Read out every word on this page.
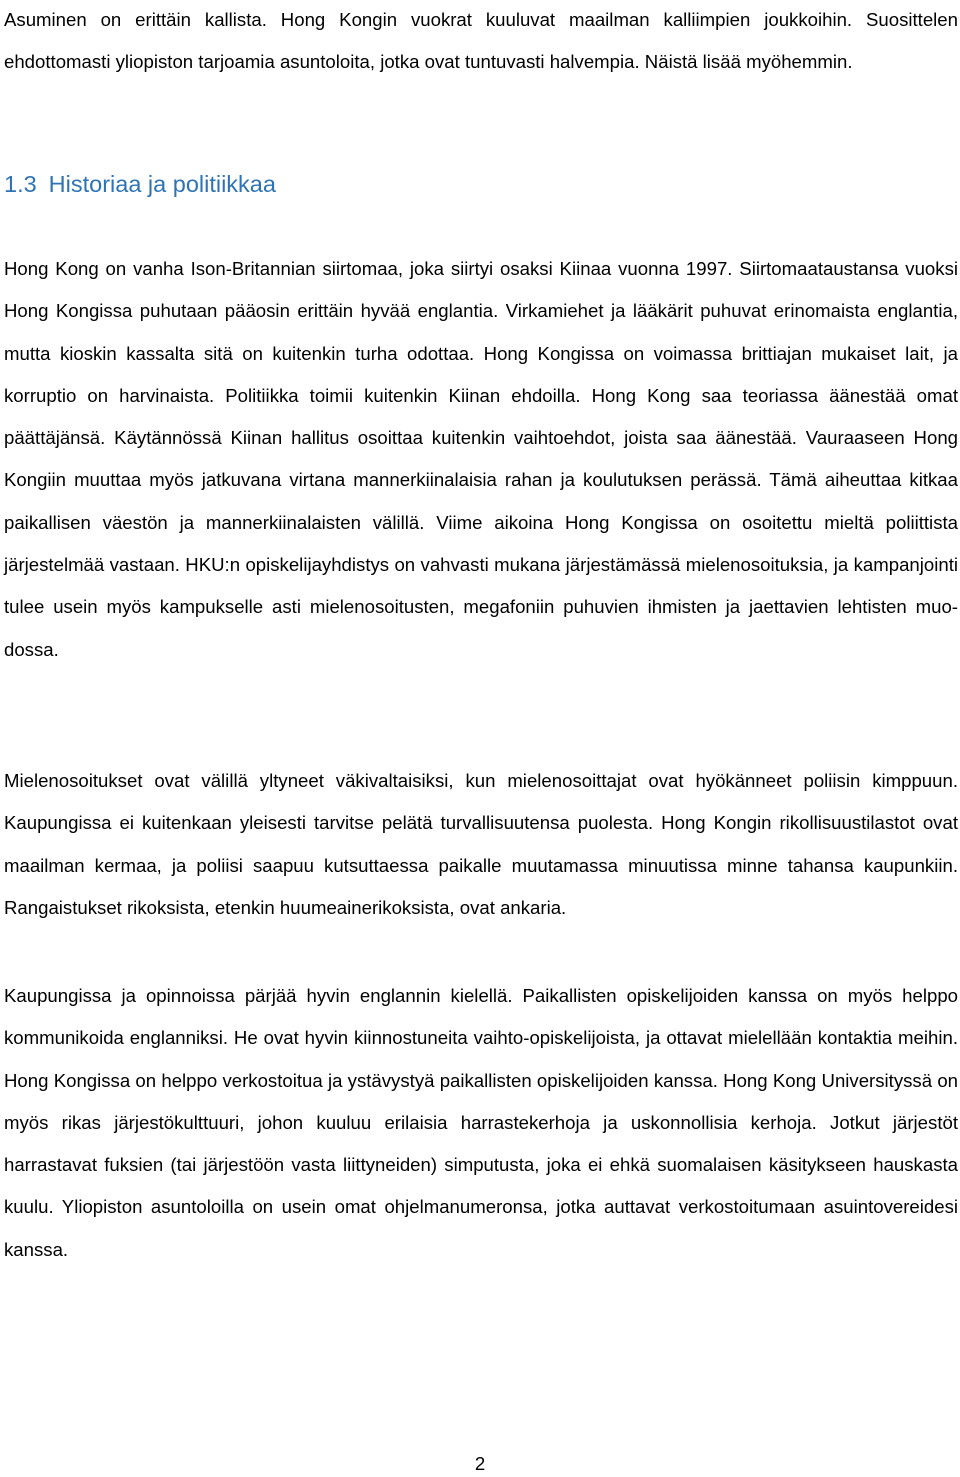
Asuminen on erittäin kallista. Hong Kongin vuokrat kuuluvat maailman kalliimpien joukkoihin. Suosittelen ehdottomasti yliopiston tarjoamia asuntoloita, jotka ovat tuntuvasti halvempia. Näistä lisää myöhemmin.

1.3 Historiaa ja politiikkaa

Hong Kong on vanha Ison-Britannian siirtomaa, joka siirtyi osaksi Kiinaa vuonna 1997. Siirtomaataustansa vuoksi Hong Kongissa puhutaan pääosin erittäin hyvää englantia. Virkamiehet ja lääkärit puhuvat erinomaista englantia, mutta kioskin kassalta sitä on kuitenkin turha odottaa. Hong Kongissa on voimassa brittiajan mukaiset lait, ja korruptio on harvinaista. Politiikka toimii kuitenkin Kiinan ehdoilla. Hong Kong saa teoriassa äänestää omat päättäjänsä. Käytännössä Kiinan hallitus osoittaa kuitenkin vaihtoehdot, joista saa äänestää. Vauraaseen Hong Kongiin muuttaa myös jatkuvana virtana mannerkiinalaisia rahan ja koulutuksen perässä. Tämä aiheuttaa kitkaa paikallisen väestön ja mannerkiinalaisten välillä. Viime aikoina Hong Kongissa on osoitettu mieltä poliittista järjestelmää vastaan. HKU:n opiskelijayhdistys on vahvasti mukana järjestämässä mielenosoituksia, ja kampanjointi tulee usein myös kampukselle asti mielenosoitusten, megafoniin puhuvien ihmisten ja jaettavien lehtisten muodossa.

Mielenosoitukset ovat välillä yltyneet väkivaltaisiksi, kun mielenosoittajat ovat hyökänneet poliisin kimppuun. Kaupungissa ei kuitenkaan yleisesti tarvitse pelätä turvallisuutensa puolesta. Hong Kongin rikollisuustilastot ovat maailman kermaa, ja poliisi saapuu kutsuttaessa paikalle muutamassa minuutissa minne tahansa kaupunkiin. Rangaistukset rikoksista, etenkin huumeainerikoksista, ovat ankaria.

Kaupungissa ja opinnoissa pärjää hyvin englannin kielellä. Paikallisten opiskelijoiden kanssa on myös helppo kommunikoida englanniksi. He ovat hyvin kiinnostuneita vaihto-opiskelijoista, ja ottavat mielellään kontaktia meihin. Hong Kongissa on helppo verkostoitua ja ystävystyä paikallisten opiskelijoiden kanssa. Hong Kong Universityssä on myös rikas järjestökulttuuri, johon kuuluu erilaisia harrastekerhoja ja uskonnollisia kerhoja. Jotkut järjestöt harrastavat fuksien (tai järjestöön vasta liittyneiden) simputusta, joka ei ehkä suomalaisen käsitykseen hauskasta kuulu. Yliopiston asuntoloilla on usein omat ohjelmanumeronsa, jotka auttavat verkostoitumaan asuintovereidesi kanssa.

2
